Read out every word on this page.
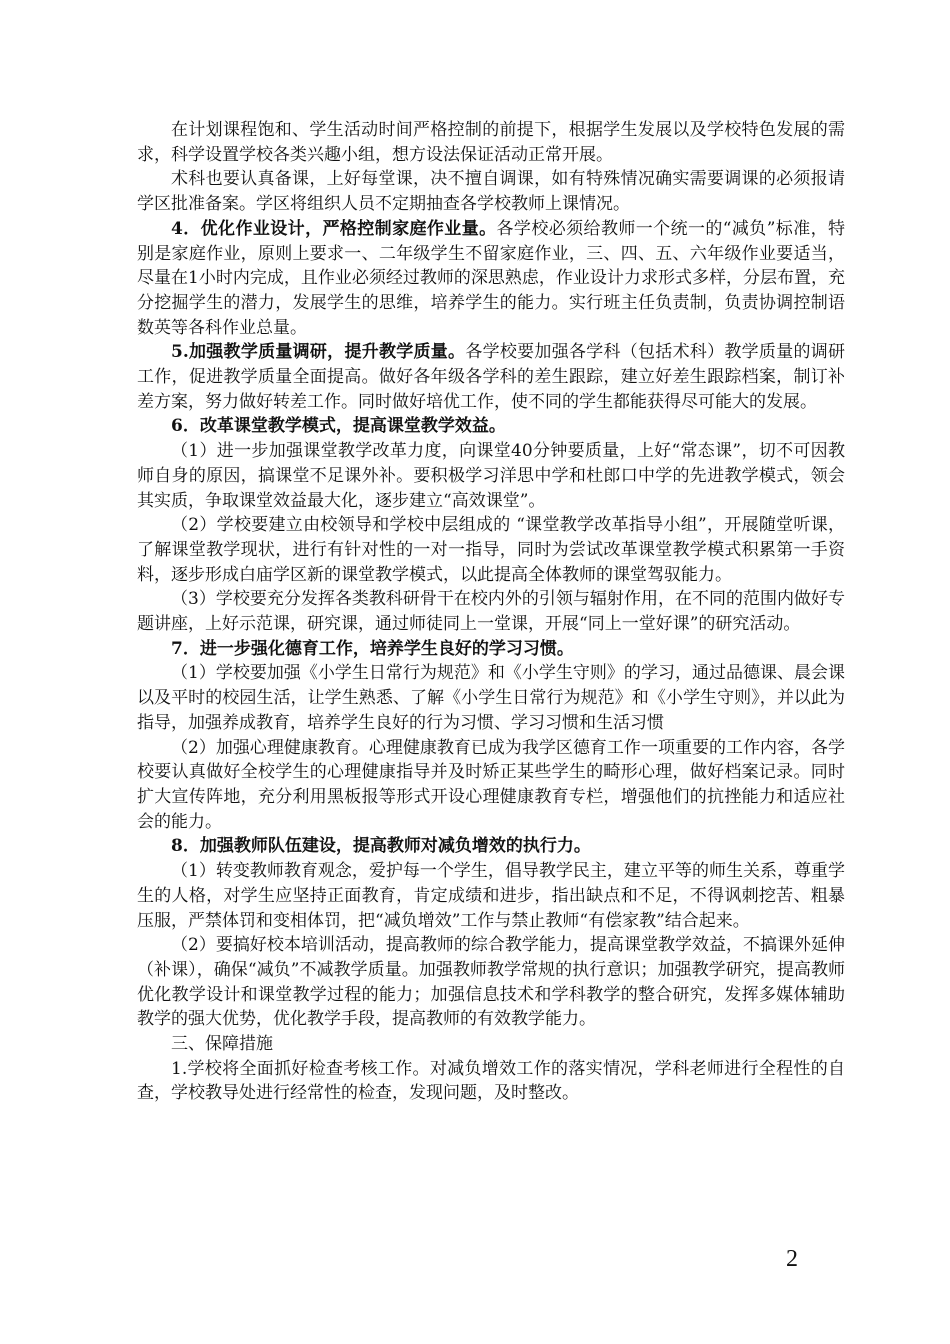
在计划课程饱和、学生活动时间严格控制的前提下，根据学生发展以及学校特色发展的需求，科学设置学校各类兴趣小组，想方设法保证活动正常开展。

术科也要认真备课，上好每堂课，决不擅自调课，如有特殊情况确实需要调课的必须报请学区批准备案。学区将组织人员不定期抽查各学校教师上课情况。

4．优化作业设计，严格控制家庭作业量。各学校必须给教师一个统一的“减负”标准，特别是家庭作业，原则上要求一、二年级学生不留家庭作业，三、四、五、六年级作业要适当，尽量在1小时内完成，且作业必须经过教师的深思熟虑，作业设计力求形式多样，分层布置，充分挖掘学生的潜力，发展学生的思维，培养学生的能力。实行班主任负责制，负责协调控制语数英等各科作业总量。

5.加强教学质量调研，提升教学质量。各学校要加强各学科（包括术科）教学质量的调研工作，促进教学质量全面提高。做好各年级各学科的差生跟踪，建立好差生跟踪档案，制订补差方案，努力做好转差工作。同时做好培优工作，使不同的学生都能获得尽可能大的发展。

6．改革课堂教学模式，提高课堂教学效益。

（1）进一步加强课堂教学改革力度，向课堂40分钟要质量，上好“常态课”，切不可因教师自身的原因，搞课堂不足课外补。要积极学习洋思中学和杜郎口中学的先进教学模式，领会其实质，争取课堂效益最大化，逐步建立“高效课堂”。

（2）学校要建立由校领导和学校中层组成的 “课堂教学改革指导小组”，开展随堂听课，了解课堂教学现状，进行有针对性的一对一指导，同时为尝试改革课堂教学模式积累第一手资料，逐步形成白庙学区新的课堂教学模式，以此提高全体教师的课堂驾驭能力。

（3）学校要充分发挥各类教科研骨干在校内外的引领与辐射作用，在不同的范围内做好专题讲座，上好示范课，研究课，通过师徒同上一堂课，开展“同上一堂好课”的研究活动。

7．进一步强化德育工作，培养学生良好的学习习惯。

（1）学校要加强《小学生日常行为规范》和《小学生守则》的学习，通过品德课、晨会课以及平时的校园生活，让学生熟悉、了解《小学生日常行为规范》和《小学生守则》，并以此为指导，加强养成教育，培养学生良好的行为习惯、学习习惯和生活习惯

（2）加强心理健康教育。心理健康教育已成为我学区德育工作一项重要的工作内容，各学校要认真做好全校学生的心理健康指导并及时矫正某些学生的畸形心理，做好档案记录。同时扩大宣传阵地，充分利用黑板报等形式开设心理健康教育专栏，增强他们的抗挫能力和适应社会的能力。

8．加强教师队伍建设，提高教师对减负增效的执行力。

（1）转变教师教育观念，爱护每一个学生，倡导教学民主，建立平等的师生关系，尊重学生的人格，对学生应坚持正面教育，肯定成绩和进步，指出缺点和不足，不得讽刺挖苦、粗暴压服，严禁体罚和变相体罚，把“减负增效”工作与禁止教师“有偿家教”结合起来。

（2）要搞好校本培训活动，提高教师的综合教学能力，提高课堂教学效益，不搞课外延伸（补课），确保“减负”不减教学质量。加强教师教学常规的执行意识；加强教学研究，提高教师优化教学设计和课堂教学过程的能力；加强信息技术和学科教学的整合研究，发挥多媒体辅助教学的强大优势，优化教学手段，提高教师的有效教学能力。

三、保障措施

1.学校将全面抓好检查考核工作。对减负增效工作的落实情况，学科老师进行全程性的自查，学校教导处进行经常性的检查，发现问题，及时整改。

2
